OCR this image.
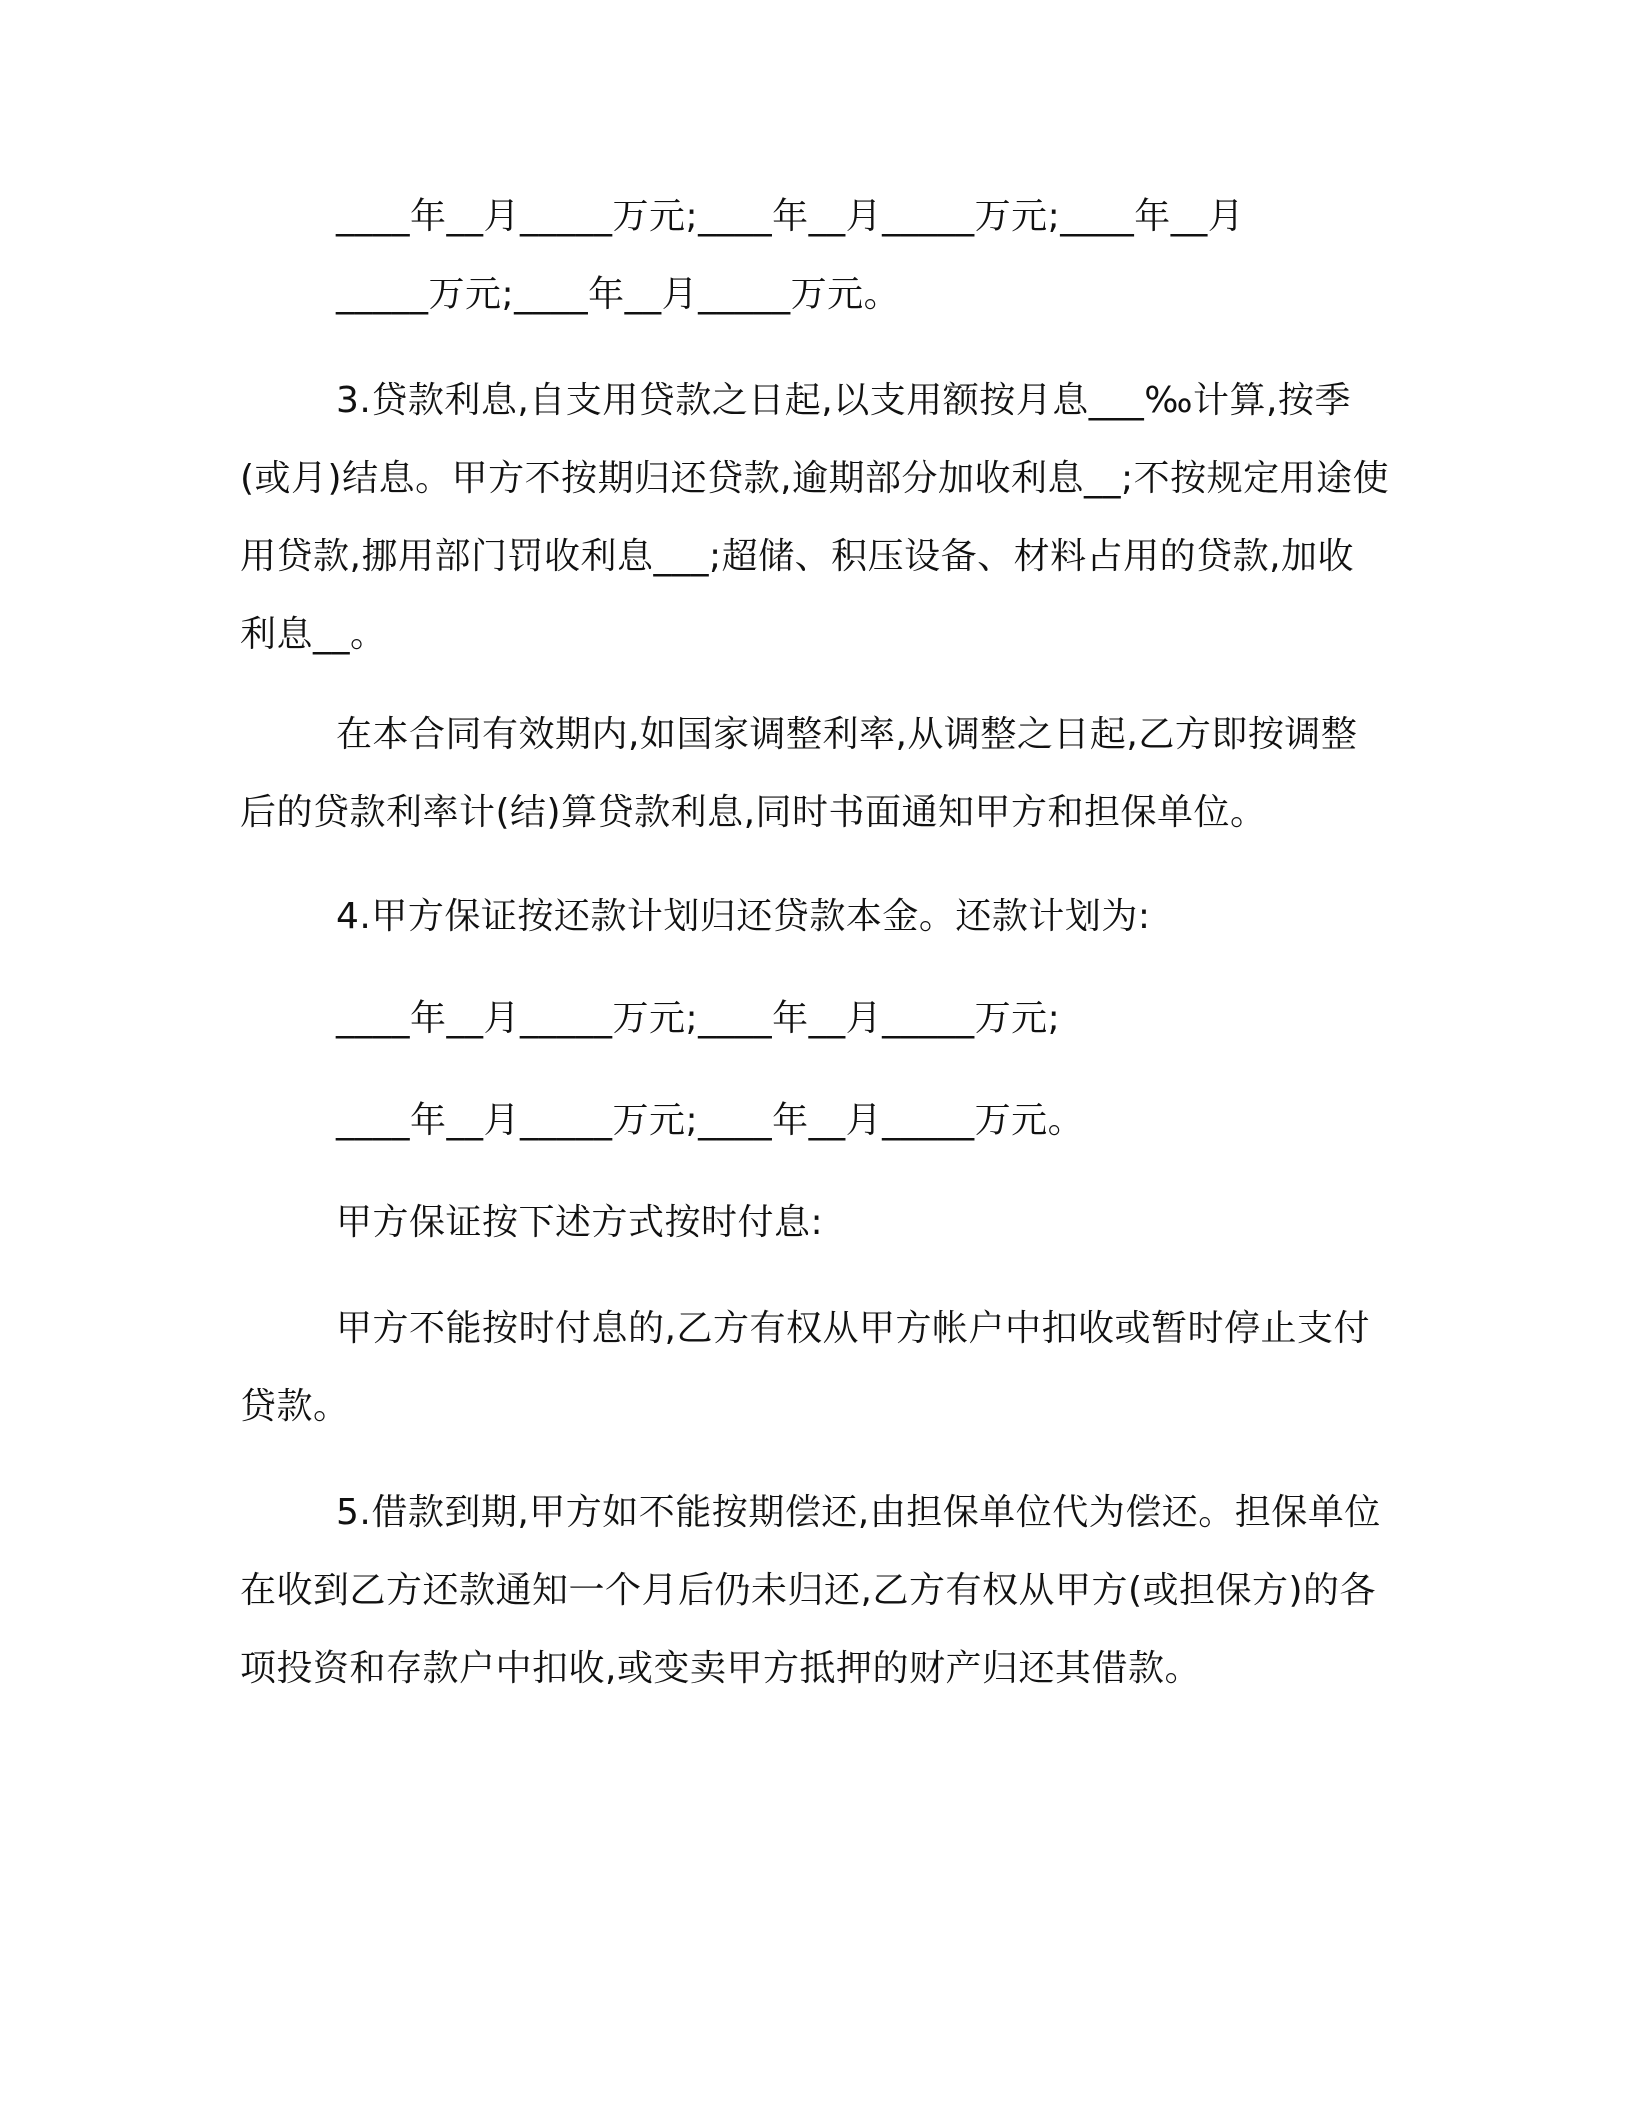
____年__月_____万元;____年__月_____万元;____年__月
_____万元;____年__月_____万元。

3.贷款利息,自支用贷款之日起,以支用额按月息___‰计算,按季(或月)结息。甲方不按期归还贷款,逾期部分加收利息__;不按规定用途使用贷款,挪用部门罚收利息___;超储、积压设备、材料占用的贷款,加收利息__。

在本合同有效期内,如国家调整利率,从调整之日起,乙方即按调整后的贷款利率计(结)算贷款利息,同时书面通知甲方和担保单位。

4.甲方保证按还款计划归还贷款本金。还款计划为:

____年__月_____万元;____年__月_____万元;

____年__月_____万元;____年__月_____万元。

甲方保证按下述方式按时付息:

甲方不能按时付息的,乙方有权从甲方帐户中扣收或暂时停止支付贷款。

5.借款到期,甲方如不能按期偿还,由担保单位代为偿还。担保单位在收到乙方还款通知一个月后仍未归还,乙方有权从甲方(或担保方)的各项投资和存款户中扣收,或变卖甲方抵押的财产归还其借款。
